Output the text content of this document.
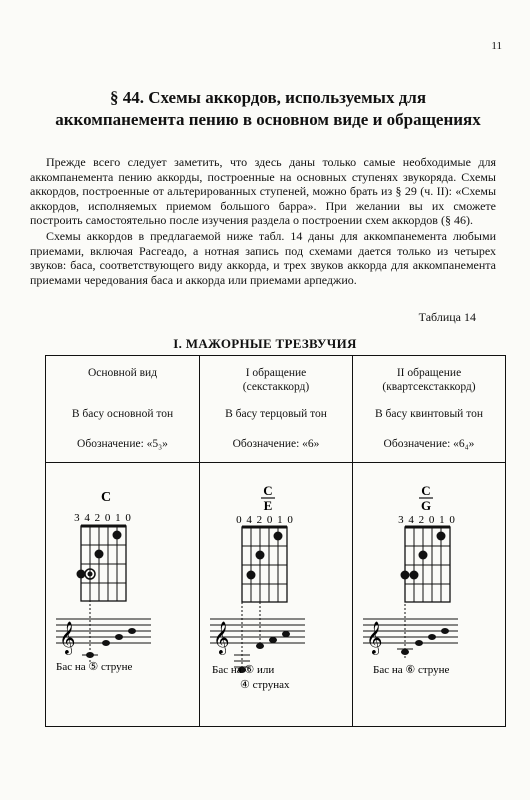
11
§ 44. Схемы аккордов, используемых для
аккомпанемента пению в основном виде и обращениях

Прежде всего следует заметить, что здесь даны только самые необходимые для аккомпанемента пению аккорды, построенные на основных ступенях звукоряда. Схемы аккордов, построенные от альтерированных ступеней, можно брать из § 29 (ч. II): «Схемы аккордов, исполняемых приемом большого барра». При желании вы их сможете построить самостоятельно после изучения раздела о построении схем аккордов (§ 46).

Схемы аккордов в предлагаемой ниже табл. 14 даны для аккомпанемента любыми приемами, включая Расгеадо, а нотная запись под схемами дается только из четырех звуков: баса, соответствующего виду аккорда, и трех звуков аккорда для аккомпанемента приемами чередования баса и аккорда или приемами арпеджио.

Таблица 14
I. МАЖОРНЫЕ ТРЕЗВУЧИЯ
Основной вид
В басу основной тон
Обозначение: «5₃»
I обращение
(секстаккорд)
В басу терцовый тон
Обозначение: «6»
II обращение
(квартсекстаккорд)
В басу квинтовый тон
Обозначение: «6₄»
C
3 4 2 0 1 0
𝄞
Бас на ⑤ струне
C
E
0 4 2 0 1 0
𝄞
Бас на ⑥ или
④ струнах
C
G
3 4 2 0 1 0
𝄞
Бас на ⑥ струне
